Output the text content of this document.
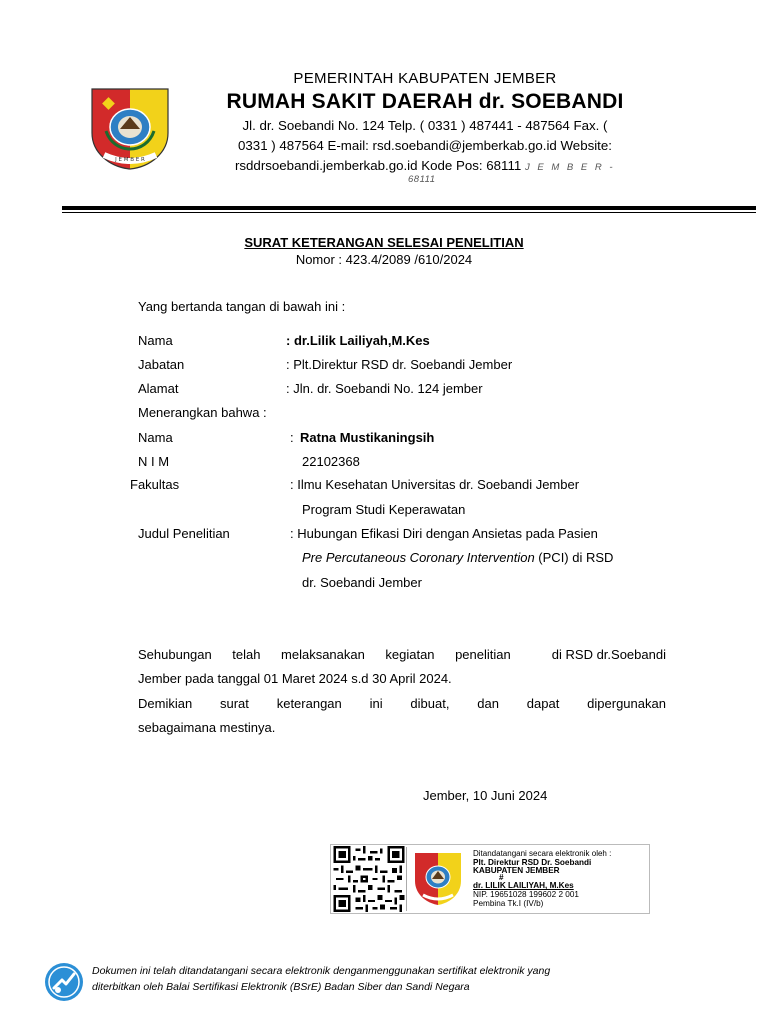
J E M B E R
PEMERINTAH KABUPATEN JEMBER
RUMAH SAKIT DAERAH dr. SOEBANDI
Jl. dr. Soebandi No. 124 Telp. ( 0331 ) 487441 - 487564 Fax. (
0331 ) 487564 E-mail: rsd.soebandi@jemberkab.go.id Website:
rsddrsoebandi.jemberkab.go.id Kode Pos: 68111 J E M B E R -
68111
SURAT KETERANGAN SELESAI PENELITIAN
Nomor : 423.4/2089 /610/2024
Yang bertanda tangan di bawah ini :
Nama	: dr.Lilik Lailiyah,M.Kes
Jabatan	: Plt.Direktur RSD dr. Soebandi Jember
Alamat	: Jln. dr. Soebandi No. 124 jember
Menerangkan bahwa :
Nama	: Ratna Mustikaningsih
N I M	22102368
Fakultas	: Ilmu Kesehatan Universitas dr. Soebandi Jember
Program Studi Keperawatan
Judul Penelitian	: Hubungan Efikasi Diri dengan Ansietas pada Pasien
Pre Percutaneous Coronary Intervention (PCI) di RSD
dr. Soebandi Jember
Sehubungan telah melaksanakan kegiatan penelitian	di RSD dr.Soebandi
Jember pada tanggal 01 Maret 2024 s.d 30 April 2024.
Demikian surat keterangan ini dibuat, dan dapat dipergunakan
sebagaimana mestinya.
Jember, 10 Juni 2024
Ditandatangani secara elektronik oleh :
Plt. Direktur RSD Dr. Soebandi
KABUPATEN JEMBER
#
dr. LILIK LAILIYAH, M.Kes
NIP. 19651028 199602 2 001
Pembina Tk.I (IV/b)
Dokumen ini telah ditandatangani secara elektronik denganmenggunakan sertifikat elektronik yang
diterbitkan oleh Balai Sertifikasi Elektronik (BSrE) Badan Siber dan Sandi Negara
